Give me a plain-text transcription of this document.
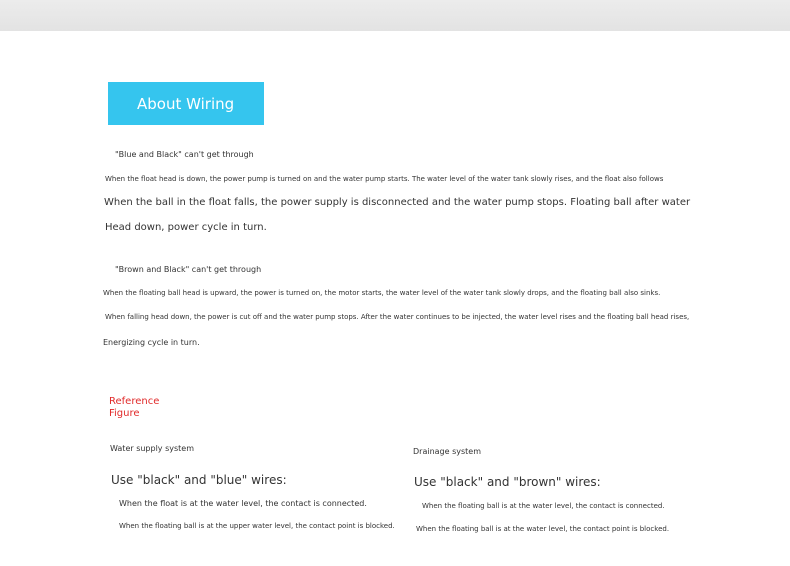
About Wiring
"Blue and Black" can't get through
When the float head is down, the power pump is turned on and the water pump starts. The water level of the water tank slowly rises, and the float also follows
When the ball in the float falls, the power supply is disconnected and the water pump stops. Floating ball after water
Head down, power cycle in turn.
"Brown and Black" can't get through
When the floating ball head is upward, the power is turned on, the motor starts, the water level of the water tank slowly drops, and the floating ball also sinks.
When falling head down, the power is cut off and the water pump stops. After the water continues to be injected, the water level rises and the floating ball head rises,
Energizing cycle in turn.
Reference Figure
Water supply system
Use "black" and "blue" wires:
When the float is at the water level, the contact is connected.
When the floating ball is at the upper water level, the contact point is blocked.
Drainage system
Use "black" and "brown" wires:
When the floating ball is at the water level, the contact is connected.
When the floating ball is at the water level, the contact point is blocked.
